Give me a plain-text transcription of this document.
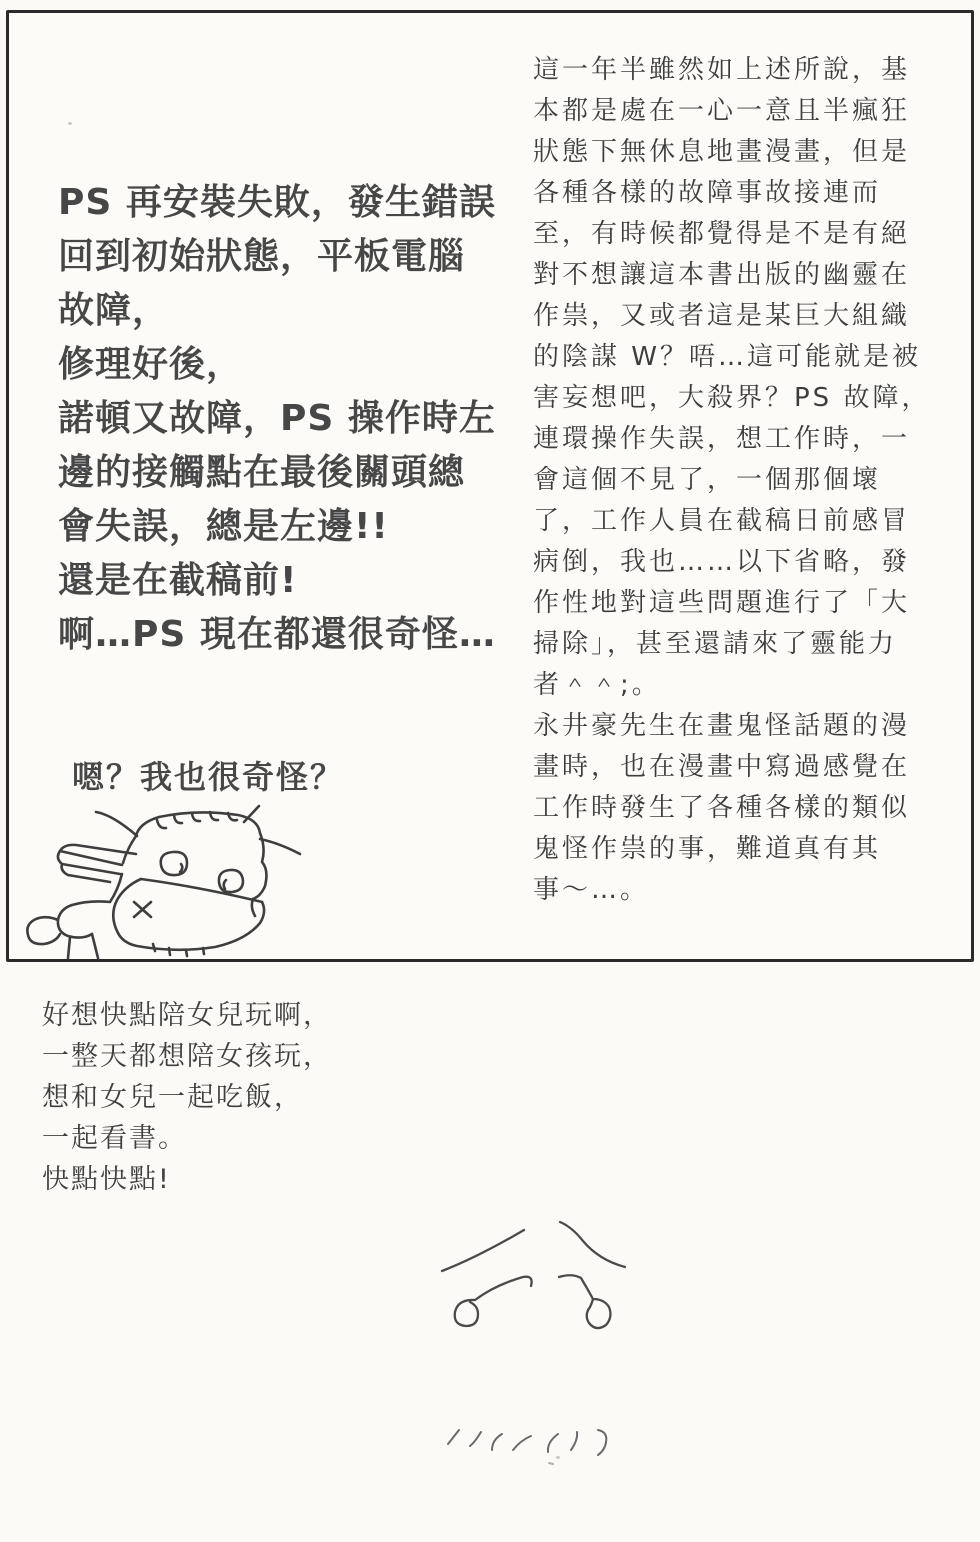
PS 再安裝失敗，發生錯誤
回到初始狀態，平板電腦
故障，
修理好後，
諾頓又故障，PS 操作時左
邊的接觸點在最後關頭總
會失誤，總是左邊!!
還是在截稿前!
啊…PS 現在都還很奇怪…
嗯？我也很奇怪？
這一年半雖然如上述所說，基
本都是處在一心一意且半瘋狂
狀態下無休息地畫漫畫，但是
各種各樣的故障事故接連而
至，有時候都覺得是不是有絕
對不想讓這本書出版的幽靈在
作祟，又或者這是某巨大組織
的陰謀 W？唔…這可能就是被
害妄想吧，大殺界？PS 故障，
連環操作失誤，想工作時，一
會這個不見了，一個那個壞
了，工作人員在截稿日前感冒
病倒，我也……以下省略，發
作性地對這些問題進行了「大
掃除」，甚至還請來了靈能力
者＾＾;。
永井豪先生在畫鬼怪話題的漫
畫時，也在漫畫中寫過感覺在
工作時發生了各種各樣的類似
鬼怪作祟的事，難道真有其
事～…。
好想快點陪女兒玩啊，
一整天都想陪女孩玩，
想和女兒一起吃飯，
一起看書。
快點快點!
